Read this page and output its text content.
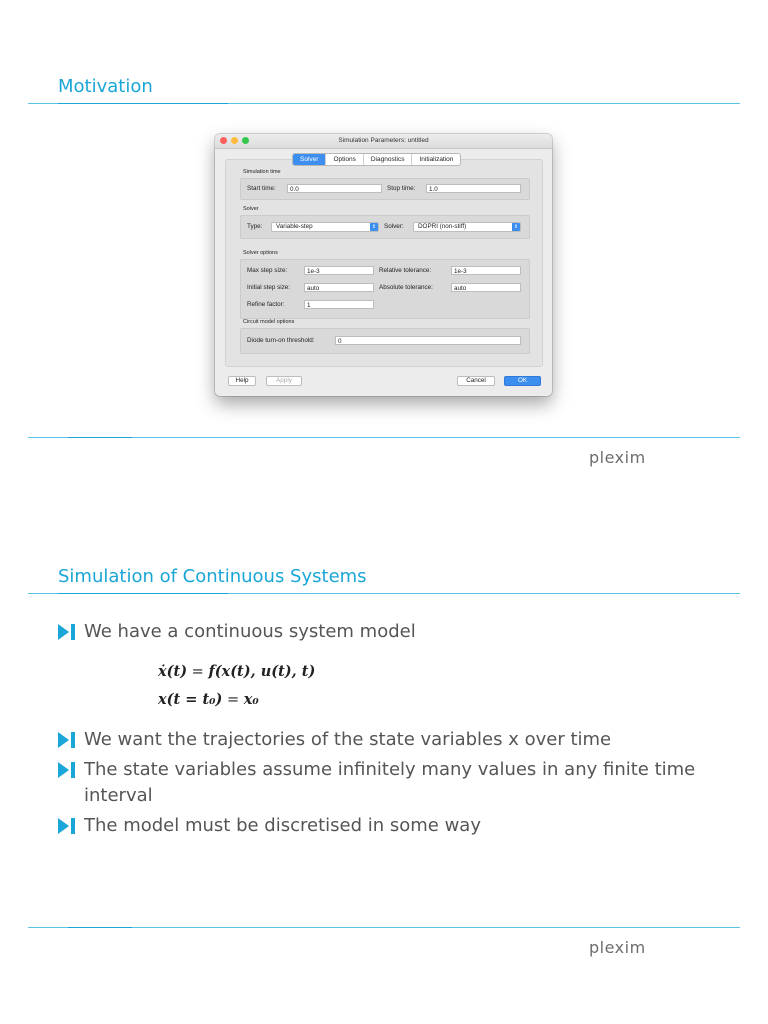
Motivation
Simulation Parameters: untitled
Solver	Options	Diagnostics	Initialization
Simulation time
Start time:	0.0	Stop time:	1.0
Solver
Type:	Variable-step	⇕	Solver:	DOPRI (non-stiff)	⇕
Solver options
Max step size:	1e-3	Relative tolerance:	1e-3
Initial step size:	auto	Absolute tolerance:	auto
Refine factor:	1
Circuit model options
Diode turn-on threshold:	0
Help	Apply	Cancel	OK
plexim
Simulation of Continuous Systems
We have a continuous system model
ẋ(t) = f(x(t), u(t), t)
x(t = t₀) = x₀
We want the trajectories of the state variables x over time
The state variables assume infinitely many values in any finite time interval
The model must be discretised in some way
plexim
